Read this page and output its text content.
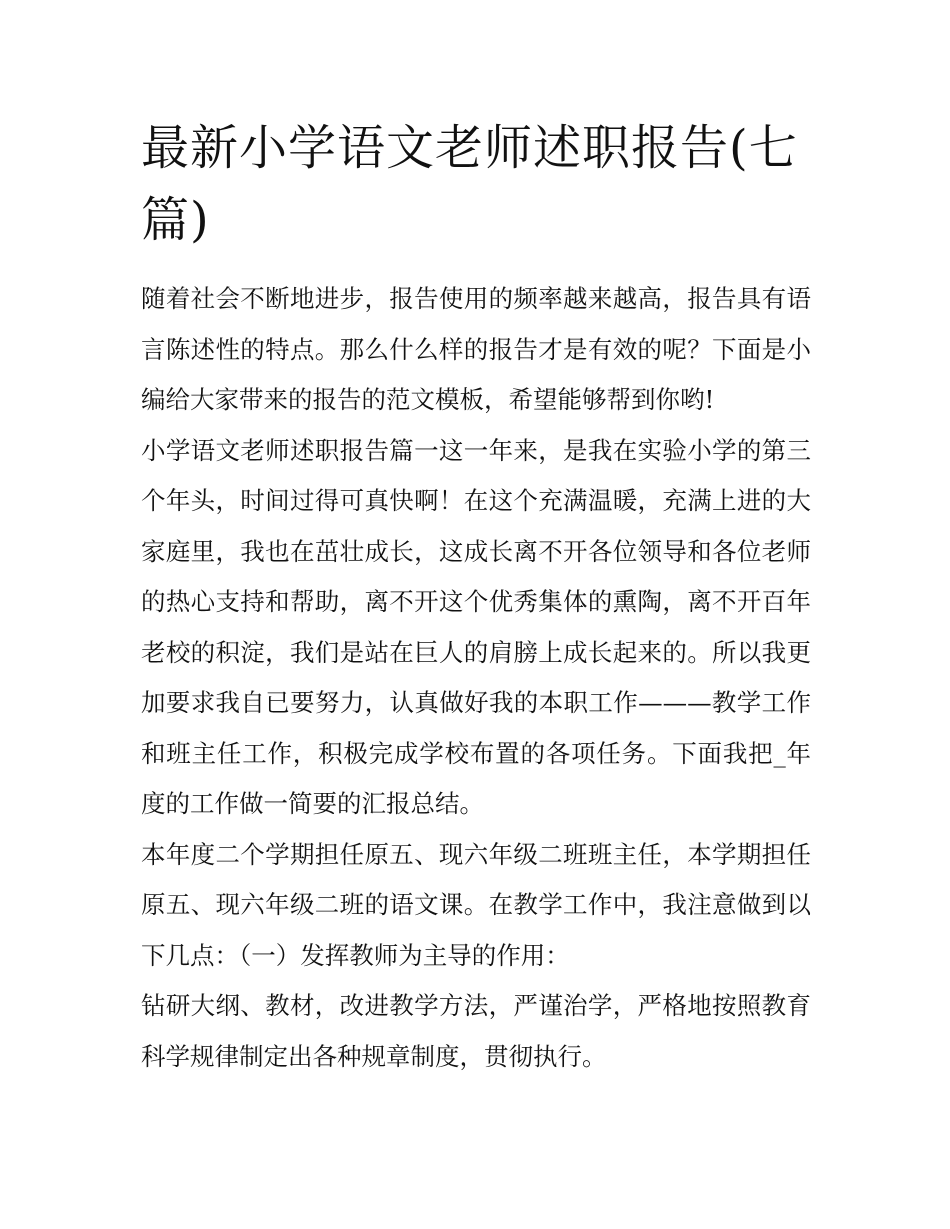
最新小学语文老师述职报告(七篇)

随着社会不断地进步，报告使用的频率越来越高，报告具有语言陈述性的特点。那么什么样的报告才是有效的呢？下面是小编给大家带来的报告的范文模板，希望能够帮到你哟!

小学语文老师述职报告篇一这一年来，是我在实验小学的第三个年头，时间过得可真快啊！在这个充满温暖，充满上进的大家庭里，我也在茁壮成长，这成长离不开各位领导和各位老师的热心支持和帮助，离不开这个优秀集体的熏陶，离不开百年老校的积淀，我们是站在巨人的肩膀上成长起来的。所以我更加要求我自已要努力，认真做好我的本职工作———教学工作和班主任工作，积极完成学校布置的各项任务。下面我把_年度的工作做一简要的汇报总结。

本年度二个学期担任原五、现六年级二班班主任，本学期担任原五、现六年级二班的语文课。在教学工作中，我注意做到以下几点：（一）发挥教师为主导的作用：

钻研大纲、教材，改进教学方法，严谨治学，严格地按照教育科学规律制定出各种规章制度，贯彻执行。
